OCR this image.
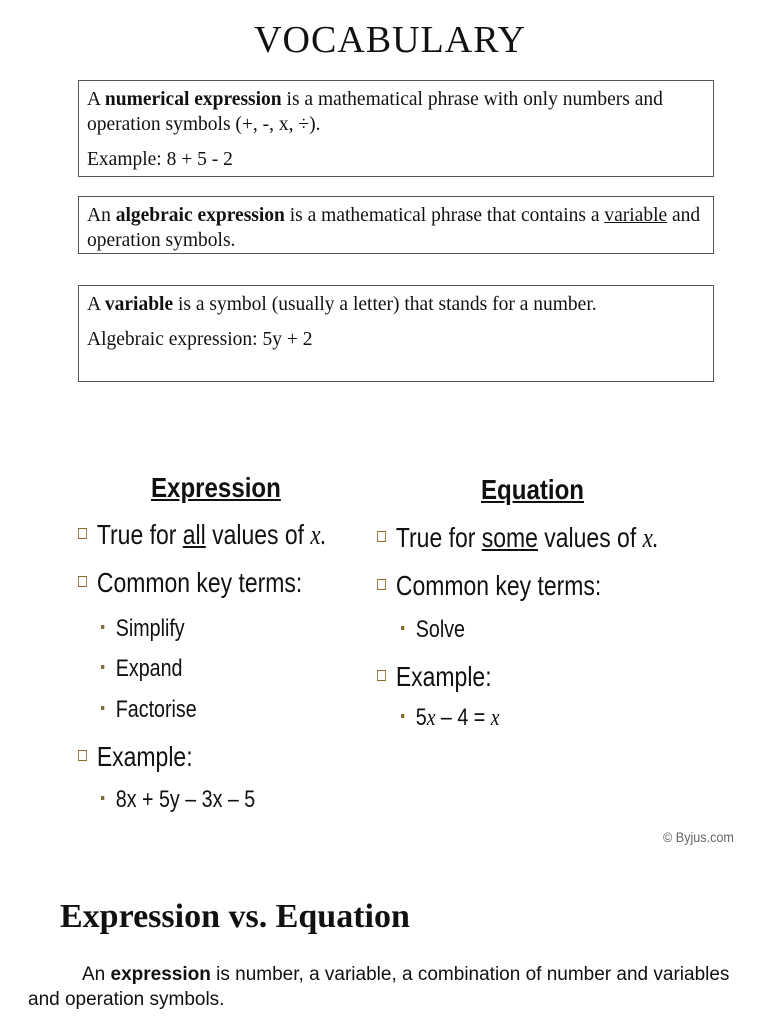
VOCABULARY

A numerical expression is a mathematical phrase with only numbers and operation symbols (+, -, x, ÷).

Example: 8 + 5 - 2

An algebraic expression is a mathematical phrase that contains a variable and operation symbols.

A variable is a symbol (usually a letter) that stands for a number.

Algebraic expression: 5y + 2

Expression
True for all values of x.
Common key terms:
Simplify
Expand
Factorise
Example:
8x + 5y – 3x – 5
Equation
True for some values of x.
Common key terms:
Solve
Example:
5x – 4 = x
© Byjus.com
Expression vs. Equation
An expression is number, a variable, a combination of number and variables and operation symbols.
